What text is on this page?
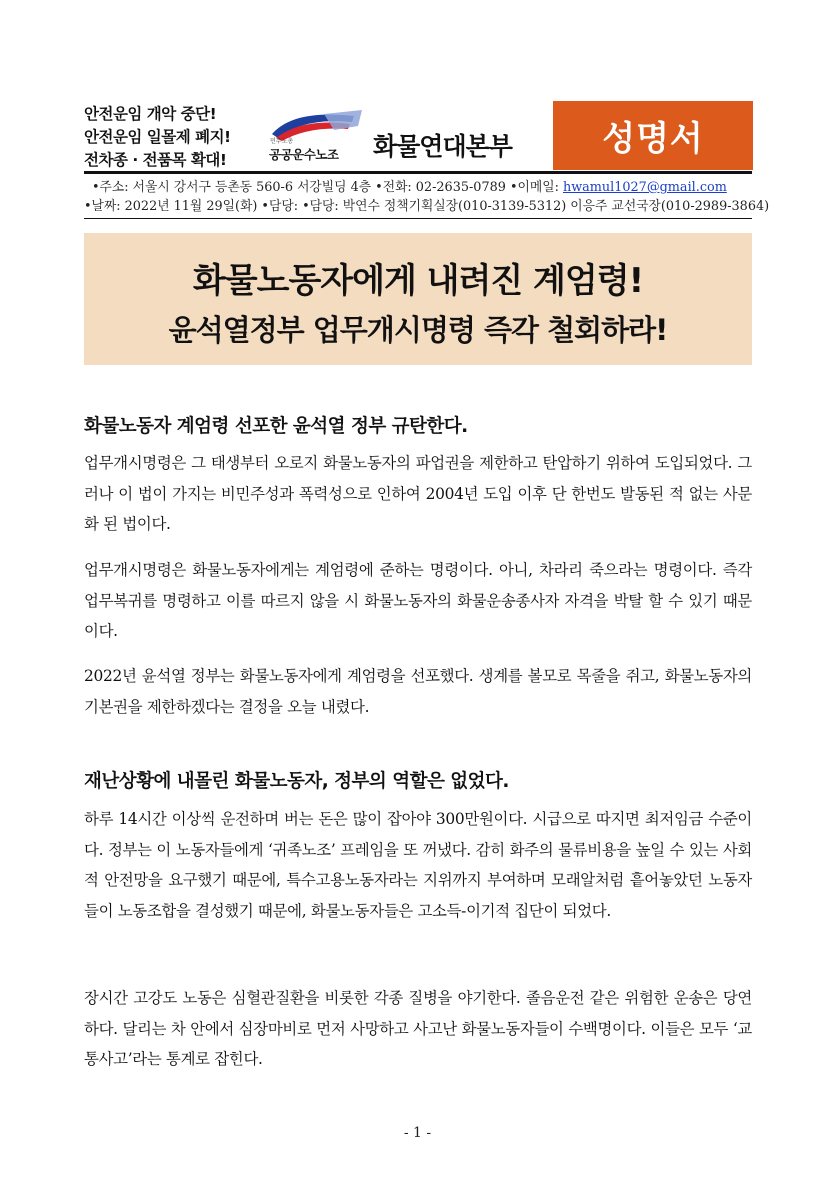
안전운임 개악 중단!
안전운임 일몰제 폐지!
전차종 · 전품목 확대!
민주노총
공공운수노조 화물연대본부	성명서
•주소: 서울시 강서구 등촌동 560-6 서강빌딩 4층 •전화: 02-2635-0789 •이메일: hwamul1027@gmail.com
•날짜: 2022년 11월 29일(화) •담당: •담당: 박연수 정책기획실장(010-3139-5312) 이응주 교선국장(010-2989-3864)
화물노동자에게 내려진 계엄령!
윤석열정부 업무개시명령 즉각 철회하라!
화물노동자 계엄령 선포한 윤석열 정부 규탄한다.
업무개시명령은 그 태생부터 오로지 화물노동자의 파업권을 제한하고 탄압하기 위하여 도입되었다. 그러나 이 법이 가지는 비민주성과 폭력성으로 인하여 2004년 도입 이후 단 한번도 발동된 적 없는 사문화 된 법이다.
업무개시명령은 화물노동자에게는 계엄령에 준하는 명령이다. 아니, 차라리 죽으라는 명령이다. 즉각 업무복귀를 명령하고 이를 따르지 않을 시 화물노동자의 화물운송종사자 자격을 박탈 할 수 있기 때문이다.
2022년 윤석열 정부는 화물노동자에게 계엄령을 선포했다. 생계를 볼모로 목줄을 쥐고, 화물노동자의 기본권을 제한하겠다는 결정을 오늘 내렸다.
재난상황에 내몰린 화물노동자, 정부의 역할은 없었다.
하루 14시간 이상씩 운전하며 버는 돈은 많이 잡아야 300만원이다. 시급으로 따지면 최저임금 수준이다. 정부는 이 노동자들에게 ‘귀족노조’ 프레임을 또 꺼냈다. 감히 화주의 물류비용을 높일 수 있는 사회적 안전망을 요구했기 때문에, 특수고용노동자라는 지위까지 부여하며 모래알처럼 흩어놓았던 노동자들이 노동조합을 결성했기 때문에, 화물노동자들은 고소득-이기적 집단이 되었다.
장시간 고강도 노동은 심혈관질환을 비롯한 각종 질병을 야기한다. 졸음운전 같은 위험한 운송은 당연하다. 달리는 차 안에서 심장마비로 먼저 사망하고 사고난 화물노동자들이 수백명이다. 이들은 모두 ‘교통사고’라는 통계로 잡힌다.
- 1 -
